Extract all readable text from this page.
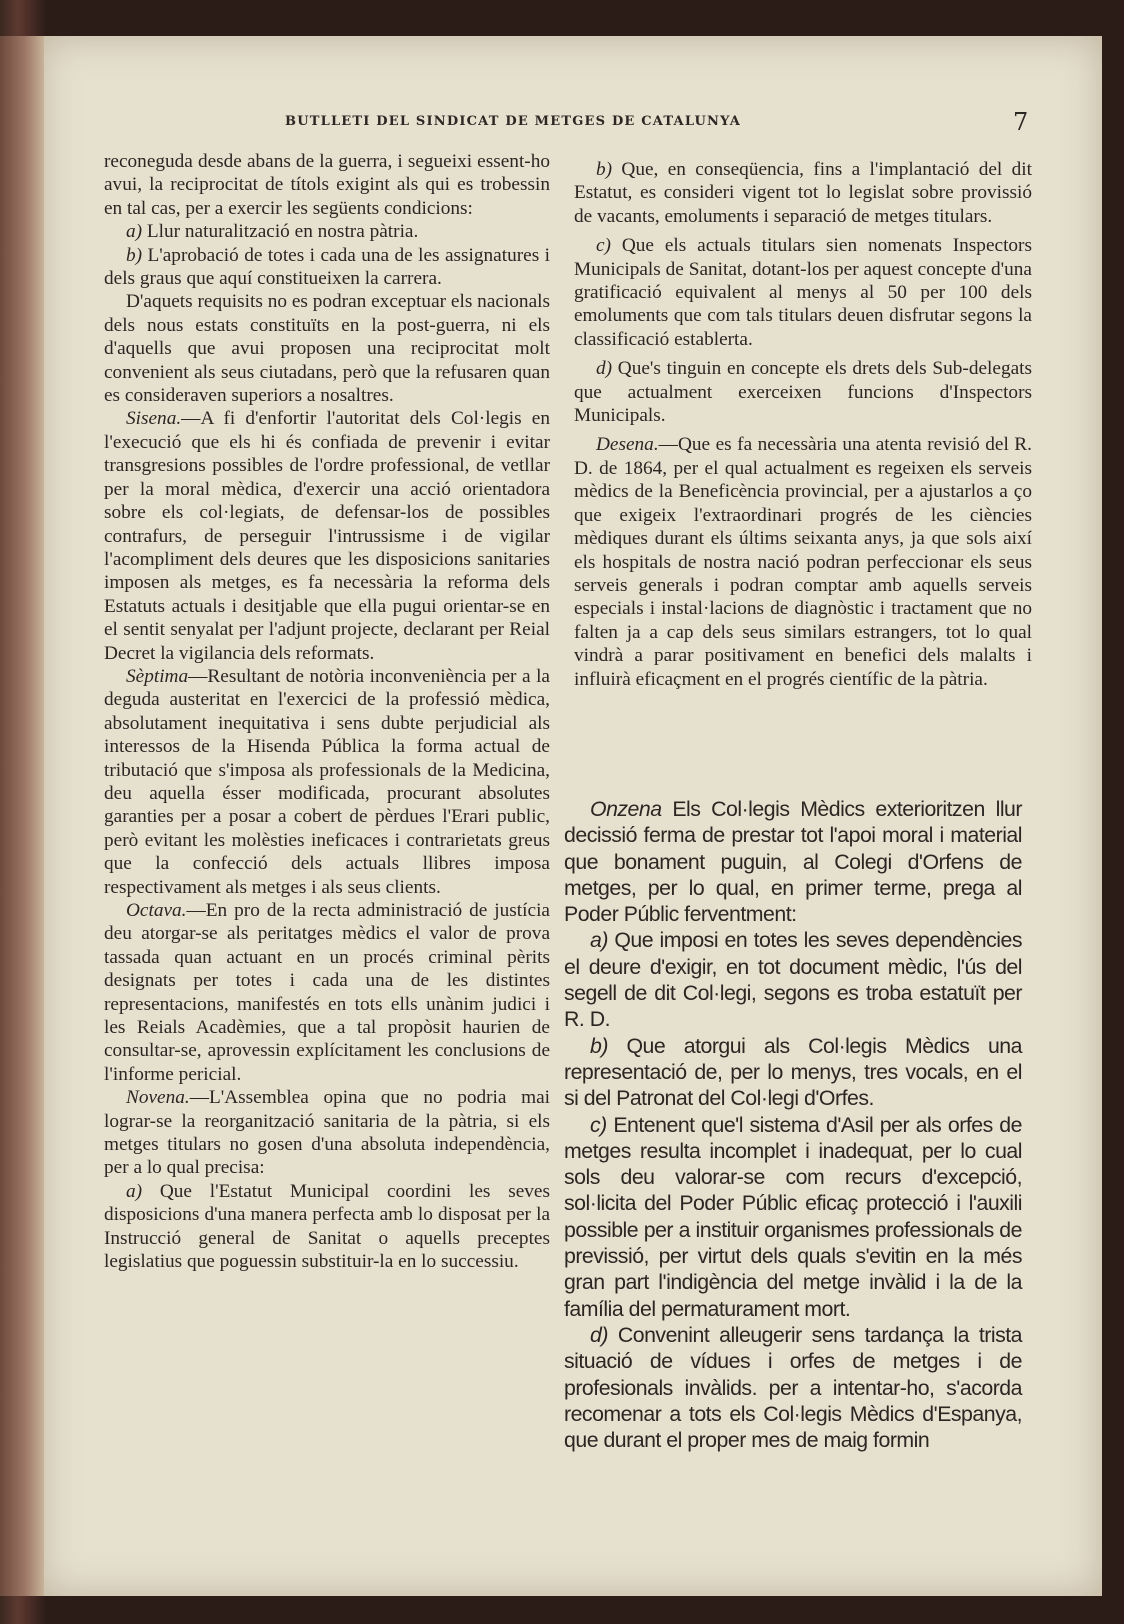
BUTLLETI DEL SINDICAT DE METGES DE CATALUNYA	7

reconeguda desde abans de la guerra, i segueixi essent-ho avui, la reciprocitat de títols exigint als qui es trobessin en tal cas, per a exercir les següents condicions:

a) Llur naturalització en nostra pàtria.

b) L'aprobació de totes i cada una de les assignatures i dels graus que aquí constitueixen la carrera.

D'aquets requisits no es podran exceptuar els nacionals dels nous estats constituïts en la post-guerra, ni els d'aquells que avui proposen una reciprocitat molt convenient als seus ciutadans, però que la refusaren quan es consideraven superiors a nosaltres.

Sisena.—A fi d'enfortir l'autoritat dels Col·legis en l'execució que els hi és confiada de prevenir i evitar transgresions possibles de l'ordre professional, de vetllar per la moral mèdica, d'exercir una acció orientadora sobre els col·legiats, de defensar-los de possibles contrafurs, de perseguir l'intrussisme i de vigilar l'acompliment dels deures que les disposicions sanitaries imposen als metges, es fa necessària la reforma dels Estatuts actuals i desitjable que ella pugui orientar-se en el sentit senyalat per l'adjunt projecte, declarant per Reial Decret la vigilancia dels reformats.

Sèptima—Resultant de notòria inconveniència per a la deguda austeritat en l'exercici de la professió mèdica, absolutament inequitativa i sens dubte perjudicial als interessos de la Hisenda Pública la forma actual de tributació que s'imposa als professionals de la Medicina, deu aquella ésser modificada, procurant absolutes garanties per a posar a cobert de pèrdues l'Erari public, però evitant les molèsties ineficaces i contrarietats greus que la confecció dels actuals llibres imposa respectivament als metges i als seus clients.

Octava.—En pro de la recta administració de justícia deu atorgar-se als peritatges mèdics el valor de prova tassada quan actuant en un procés criminal pèrits designats per totes i cada una de les distintes representacions, manifestés en tots ells unànim judici i les Reials Acadèmies, que a tal propòsit haurien de consultar-se, aprovessin explícitament les conclusions de l'informe pericial.

Novena.—L'Assemblea opina que no podria mai lograr-se la reorganització sanitaria de la pàtria, si els metges titulars no gosen d'una absoluta independència, per a lo qual precisa:

a) Que l'Estatut Municipal coordini les seves disposicions d'una manera perfecta amb lo disposat per la Instrucció general de Sanitat o aquells preceptes legislatius que poguessin substituir-la en lo successiu.

b) Que, en conseqüencia, fins a l'implantació del dit Estatut, es consideri vigent tot lo legislat sobre provissió de vacants, emoluments i separació de metges titulars.

c) Que els actuals titulars sien nomenats Inspectors Municipals de Sanitat, dotant-los per aquest concepte d'una gratificació equivalent al menys al 50 per 100 dels emoluments que com tals titulars deuen disfrutar segons la classificació establerta.

d) Que's tinguin en concepte els drets dels Sub-delegats que actualment exerceixen funcions d'Inspectors Municipals.

Desena.—Que es fa necessària una atenta revisió del R. D. de 1864, per el qual actualment es regeixen els serveis mèdics de la Beneficència provincial, per a ajustarlos a ço que exigeix l'extraordinari progrés de les ciències mèdiques durant els últims seixanta anys, ja que sols així els hospitals de nostra nació podran perfeccionar els seus serveis generals i podran comptar amb aquells serveis especials i instal·lacions de diagnòstic i tractament que no falten ja a cap dels seus similars estrangers, tot lo qual vindrà a parar positivament en benefici dels malalts i influirà eficaçment en el progrés científic de la pàtria.

Onzena Els Col·legis Mèdics exterioritzen llur decissió ferma de prestar tot l'apoi moral i material que bonament puguin, al Colegi d'Orfens de metges, per lo qual, en primer terme, prega al Poder Públic ferventment:

a) Que imposi en totes les seves dependències el deure d'exigir, en tot document mèdic, l'ús del segell de dit Col·legi, segons es troba estatuït per R. D.

b) Que atorgui als Col·legis Mèdics una representació de, per lo menys, tres vocals, en el si del Patronat del Col·legi d'Orfes.

c) Entenent que'l sistema d'Asil per als orfes de metges resulta incomplet i inadequat, per lo cual sols deu valorar-se com recurs d'excepció, sol·licita del Poder Públic eficaç protecció i l'auxili possible per a instituir organismes professionals de previssió, per virtut dels quals s'evitin en la més gran part l'indigència del metge invàlid i la de la família del permaturament mort.

d) Convenint alleugerir sens tardança la trista situació de vídues i orfes de metges i de profesionals invàlids. per a intentar-ho, s'acorda recomenar a tots els Col·legis Mèdics d'Espanya, que durant el proper mes de maig formin
